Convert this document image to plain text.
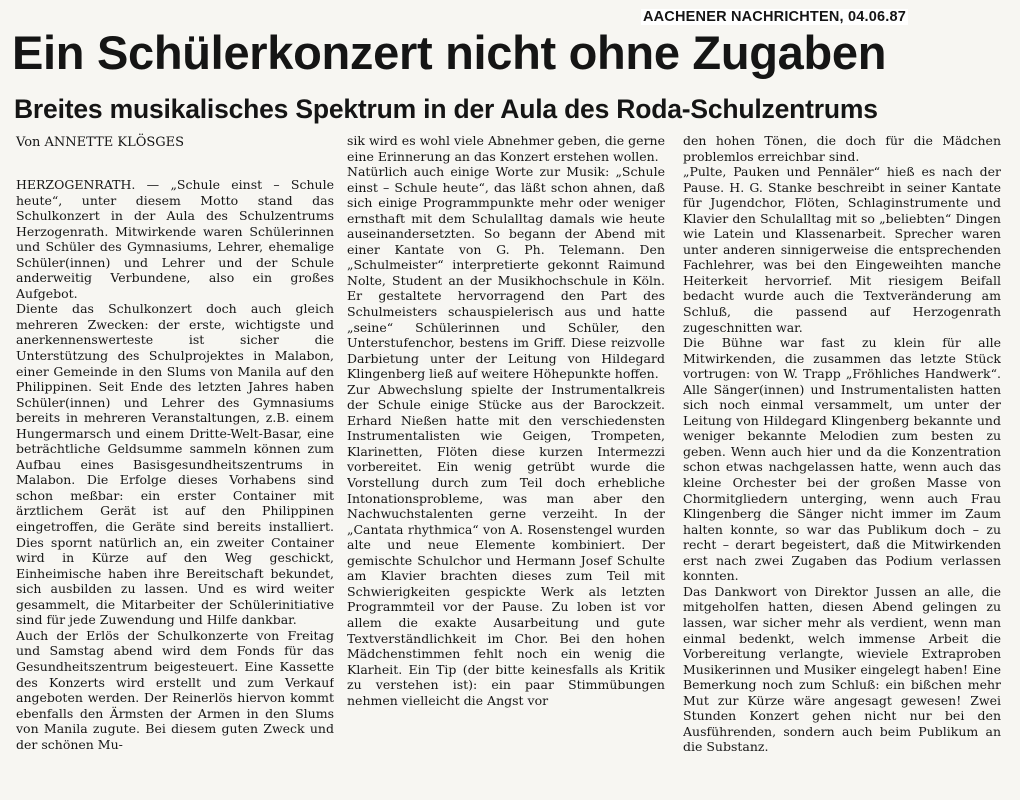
AACHENER NACHRICHTEN, 04.06.87
Ein Schülerkonzert nicht ohne Zugaben
Breites musikalisches Spektrum in der Aula des Roda-Schulzentrums
Von ANNETTE KLÖSGES

HERZOGENRATH. — „Schule einst – Schule heute“, unter diesem Motto stand das Schulkonzert in der Aula des Schulzentrums Herzogenrath. Mitwirkende waren Schülerinnen und Schüler des Gymnasiums, Lehrer, ehemalige Schüler(innen) und Lehrer und der Schule anderweitig Verbundene, also ein großes Aufgebot.

Diente das Schulkonzert doch auch gleich mehreren Zwecken: der erste, wichtigste und anerkennenswerteste ist sicher die Unterstützung des Schulprojektes in Malabon, einer Gemeinde in den Slums von Manila auf den Philippinen. Seit Ende des letzten Jahres haben Schüler(innen) und Lehrer des Gymnasiums bereits in mehreren Veranstaltungen, z.B. einem Hungermarsch und einem Dritte-Welt-Basar, eine beträchtliche Geldsumme sammeln können zum Aufbau eines Basisgesundheitszentrums in Malabon. Die Erfolge dieses Vorhabens sind schon meßbar: ein erster Container mit ärztlichem Gerät ist auf den Philippinen eingetroffen, die Geräte sind bereits installiert. Dies spornt natürlich an, ein zweiter Container wird in Kürze auf den Weg geschickt, Einheimische haben ihre Bereitschaft bekundet, sich ausbilden zu lassen. Und es wird weiter gesammelt, die Mitarbeiter der Schülerinitiative sind für jede Zuwendung und Hilfe dankbar.

Auch der Erlös der Schulkonzerte von Freitag und Samstag abend wird dem Fonds für das Gesundheitszentrum beigesteuert. Eine Kassette des Konzerts wird erstellt und zum Verkauf angeboten werden. Der Reinerlös hiervon kommt ebenfalls den Ärmsten der Armen in den Slums von Manila zugute. Bei diesem guten Zweck und der schönen Mu-

sik wird es wohl viele Abnehmer geben, die gerne eine Erinnerung an das Konzert erstehen wollen.

Natürlich auch einige Worte zur Musik: „Schule einst – Schule heute“, das läßt schon ahnen, daß sich einige Programmpunkte mehr oder weniger ernsthaft mit dem Schulalltag damals wie heute auseinandersetzten. So begann der Abend mit einer Kantate von G. Ph. Telemann. Den „Schulmeister“ interpretierte gekonnt Raimund Nolte, Student an der Musikhochschule in Köln. Er gestaltete hervorragend den Part des Schulmeisters schauspielerisch aus und hatte „seine“ Schülerinnen und Schüler, den Unterstufenchor, bestens im Griff. Diese reizvolle Darbietung unter der Leitung von Hildegard Klingenberg ließ auf weitere Höhepunkte hoffen.

Zur Abwechslung spielte der Instrumentalkreis der Schule einige Stücke aus der Barockzeit. Erhard Nießen hatte mit den verschiedensten Instrumentalisten wie Geigen, Trompeten, Klarinetten, Flöten diese kurzen Intermezzi vorbereitet. Ein wenig getrübt wurde die Vorstellung durch zum Teil doch erhebliche Intonationsprobleme, was man aber den Nachwuchstalenten gerne verzeiht. In der „Cantata rhythmica“ von A. Rosenstengel wurden alte und neue Elemente kombiniert. Der gemischte Schulchor und Hermann Josef Schulte am Klavier brachten dieses zum Teil mit Schwierigkeiten gespickte Werk als letzten Programmteil vor der Pause. Zu loben ist vor allem die exakte Ausarbeitung und gute Textverständlichkeit im Chor. Bei den hohen Mädchenstimmen fehlt noch ein wenig die Klarheit. Ein Tip (der bitte keinesfalls als Kritik zu verstehen ist): ein paar Stimmübungen nehmen vielleicht die Angst vor

den hohen Tönen, die doch für die Mädchen problemlos erreichbar sind.

„Pulte, Pauken und Pennäler“ hieß es nach der Pause. H. G. Stanke beschreibt in seiner Kantate für Jugendchor, Flöten, Schlaginstrumente und Klavier den Schulalltag mit so „beliebten“ Dingen wie Latein und Klassenarbeit. Sprecher waren unter anderen sinnigerweise die entsprechenden Fachlehrer, was bei den Eingeweihten manche Heiterkeit hervorrief. Mit riesigem Beifall bedacht wurde auch die Textveränderung am Schluß, die passend auf Herzogenrath zugeschnitten war.

Die Bühne war fast zu klein für alle Mitwirkenden, die zusammen das letzte Stück vortrugen: von W. Trapp „Fröhliches Handwerk“. Alle Sänger(innen) und Instrumentalisten hatten sich noch einmal versammelt, um unter der Leitung von Hildegard Klingenberg bekannte und weniger bekannte Melodien zum besten zu geben. Wenn auch hier und da die Konzentration schon etwas nachgelassen hatte, wenn auch das kleine Orchester bei der großen Masse von Chormitgliedern unterging, wenn auch Frau Klingenberg die Sänger nicht immer im Zaum halten konnte, so war das Publikum doch – zu recht – derart begeistert, daß die Mitwirkenden erst nach zwei Zugaben das Podium verlassen konnten.

Das Dankwort von Direktor Jussen an alle, die mitgeholfen hatten, diesen Abend gelingen zu lassen, war sicher mehr als verdient, wenn man einmal bedenkt, welch immense Arbeit die Vorbereitung verlangte, wieviele Extraproben Musikerinnen und Musiker eingelegt haben! Eine Bemerkung noch zum Schluß: ein bißchen mehr Mut zur Kürze wäre angesagt gewesen! Zwei Stunden Konzert gehen nicht nur bei den Ausführenden, sondern auch beim Publikum an die Substanz.
